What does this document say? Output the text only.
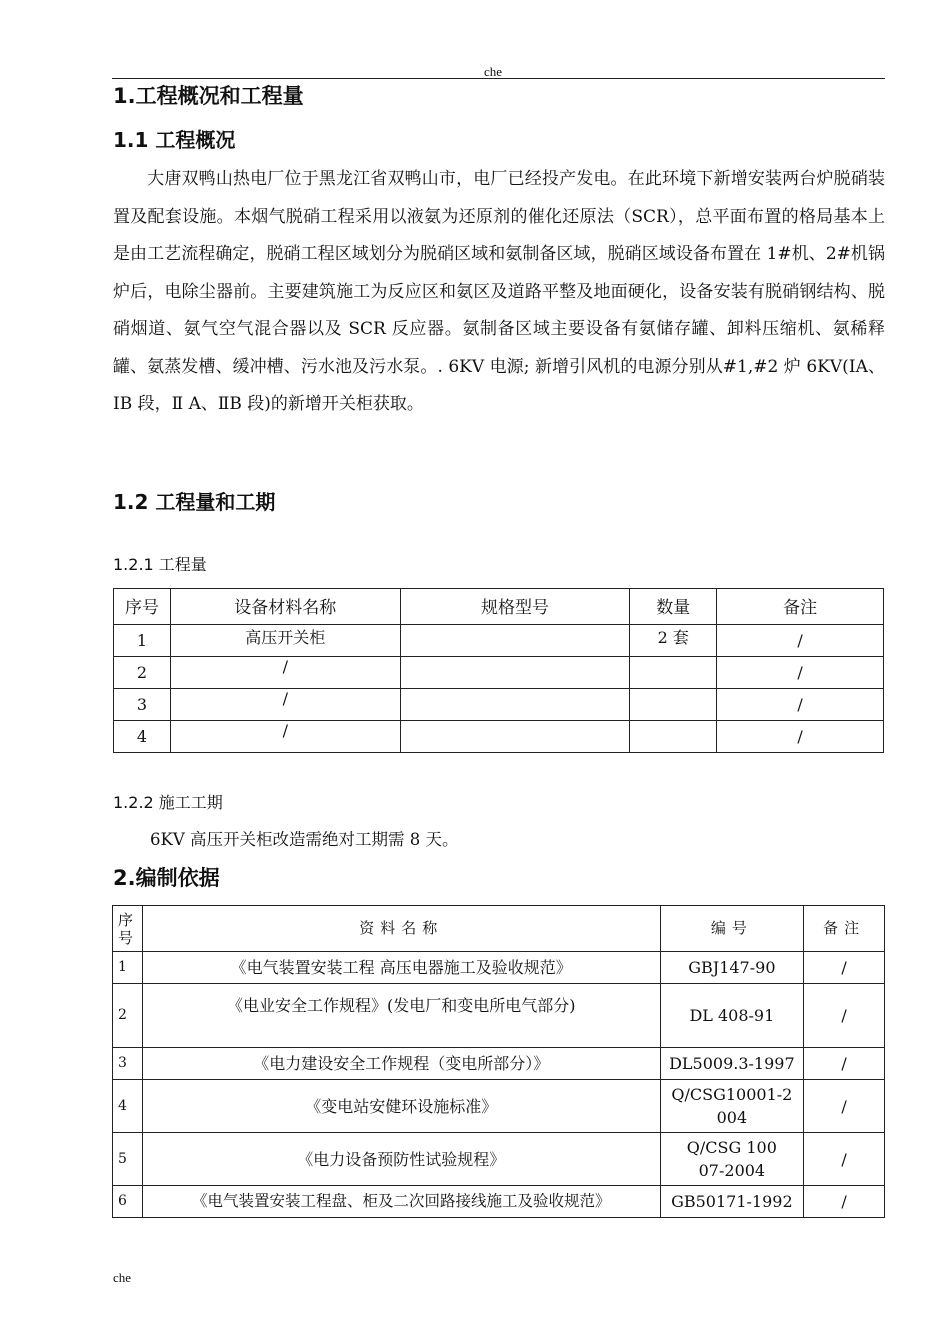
che
1.工程概况和工程量
1.1 工程概况
大唐双鸭山热电厂位于黑龙江省双鸭山市，电厂已经投产发电。在此环境下新增安装两台炉脱硝装置及配套设施。本烟气脱硝工程采用以液氨为还原剂的催化还原法（SCR），总平面布置的格局基本上是由工艺流程确定，脱硝工程区域划分为脱硝区域和氨制备区域，脱硝区域设备布置在 1#机、2#机锅炉后，电除尘器前。主要建筑施工为反应区和氨区及道路平整及地面硬化，设备安装有脱硝钢结构、脱硝烟道、氨气空气混合器以及 SCR 反应器。氨制备区域主要设备有氨储存罐、卸料压缩机、氨稀释罐、氨蒸发槽、缓冲槽、污水池及污水泵。. 6KV 电源; 新增引风机的电源分别从#1,#2 炉 6KV(ⅠA、ⅠB 段，Ⅱ A、ⅡB 段)的新增开关柜获取。
1.2 工程量和工期
1.2.1 工程量
序号	设备材料名称	规格型号	数量	备注
1	高压开关柜		2 套	/
2	/			/
3	/			/
4	/			/
1.2.2 施工工期
6KV 高压开关柜改造需绝对工期需 8 天。
2.编制依据
序号	资料名称	编号	备注
1	《电气装置安装工程 高压电器施工及验收规范》	GBJ147-90	/
2	《电业安全工作规程》(发电厂和变电所电气部分)	DL 408-91	/
3	《电力建设安全工作规程（变电所部分）》	DL5009.3-1997	/
4	《变电站安健环设施标准》	Q/CSG10001-2004	/
5	《电力设备预防性试验规程》	Q/CSG 10007-2004	/
6	《电气装置安装工程盘、柜及二次回路接线施工及验收规范》	GB50171-1992	/
che
